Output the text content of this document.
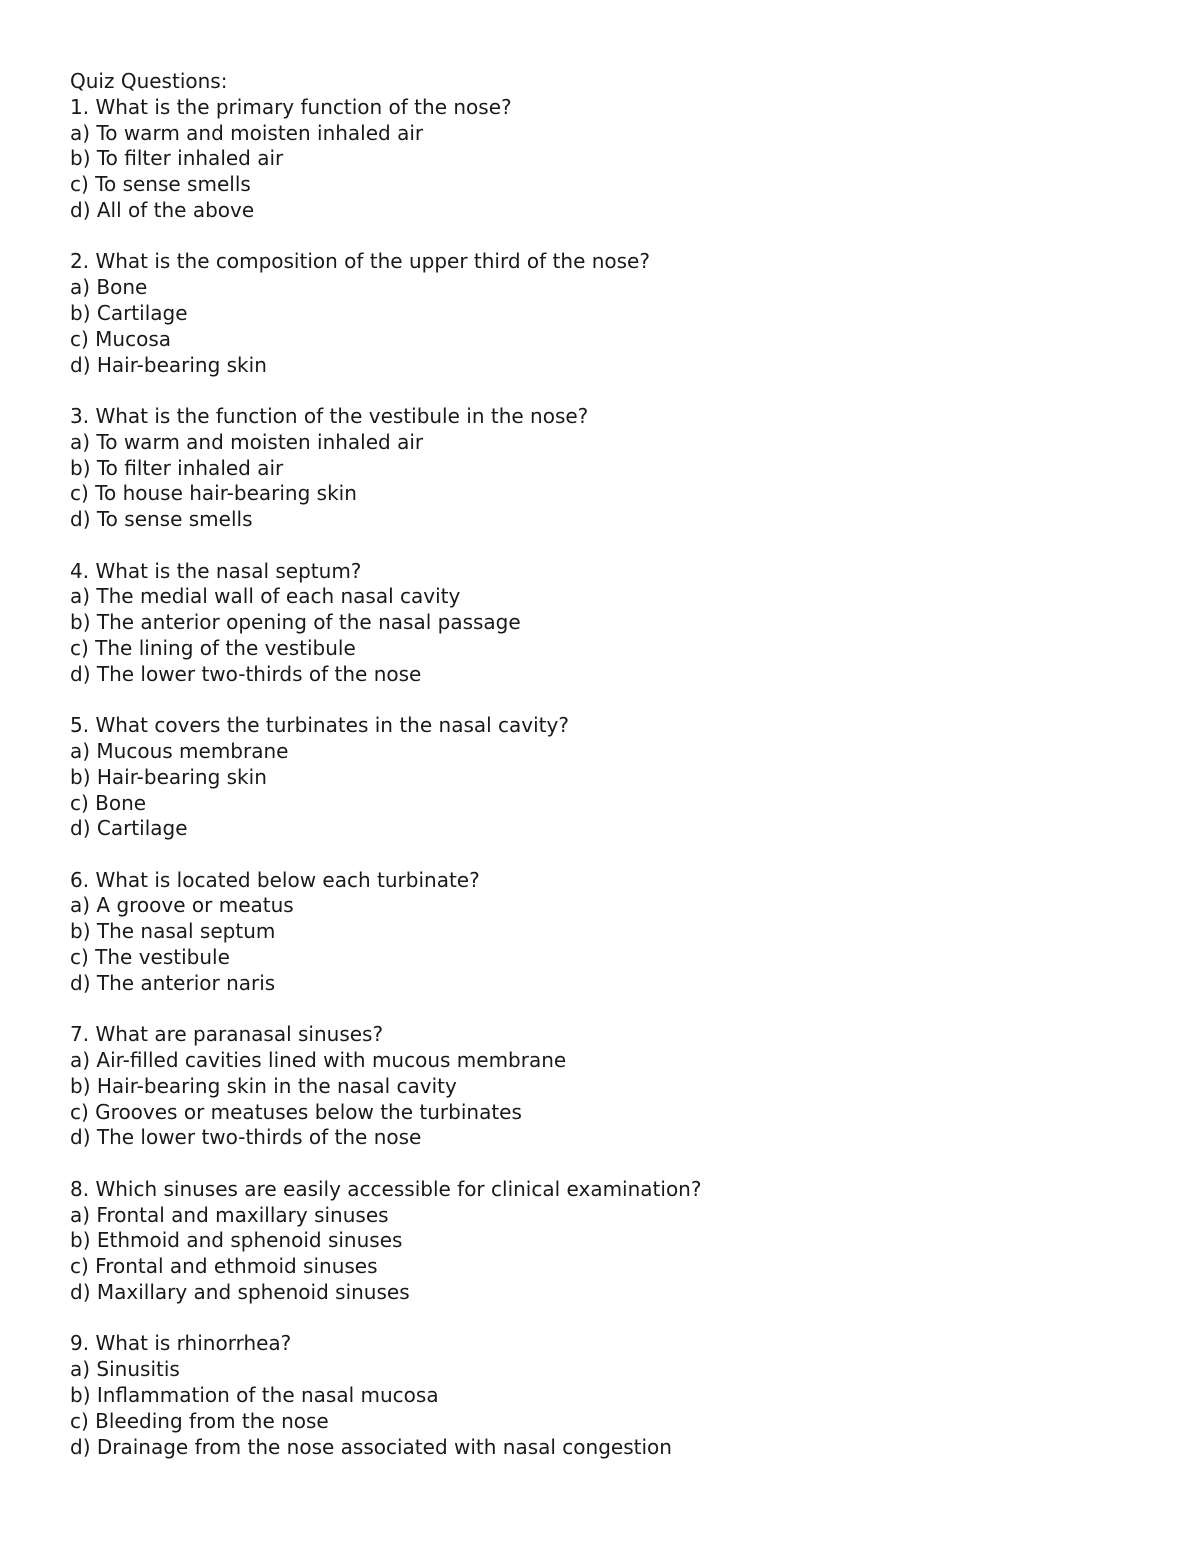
Quiz Questions:
1. What is the primary function of the nose?
a) To warm and moisten inhaled air
b) To filter inhaled air
c) To sense smells
d) All of the above
2. What is the composition of the upper third of the nose?
a) Bone
b) Cartilage
c) Mucosa
d) Hair-bearing skin
3. What is the function of the vestibule in the nose?
a) To warm and moisten inhaled air
b) To filter inhaled air
c) To house hair-bearing skin
d) To sense smells
4. What is the nasal septum?
a) The medial wall of each nasal cavity
b) The anterior opening of the nasal passage
c) The lining of the vestibule
d) The lower two-thirds of the nose
5. What covers the turbinates in the nasal cavity?
a) Mucous membrane
b) Hair-bearing skin
c) Bone
d) Cartilage
6. What is located below each turbinate?
a) A groove or meatus
b) The nasal septum
c) The vestibule
d) The anterior naris
7. What are paranasal sinuses?
a) Air-filled cavities lined with mucous membrane
b) Hair-bearing skin in the nasal cavity
c) Grooves or meatuses below the turbinates
d) The lower two-thirds of the nose
8. Which sinuses are easily accessible for clinical examination?
a) Frontal and maxillary sinuses
b) Ethmoid and sphenoid sinuses
c) Frontal and ethmoid sinuses
d) Maxillary and sphenoid sinuses
9. What is rhinorrhea?
a) Sinusitis
b) Inflammation of the nasal mucosa
c) Bleeding from the nose
d) Drainage from the nose associated with nasal congestion
